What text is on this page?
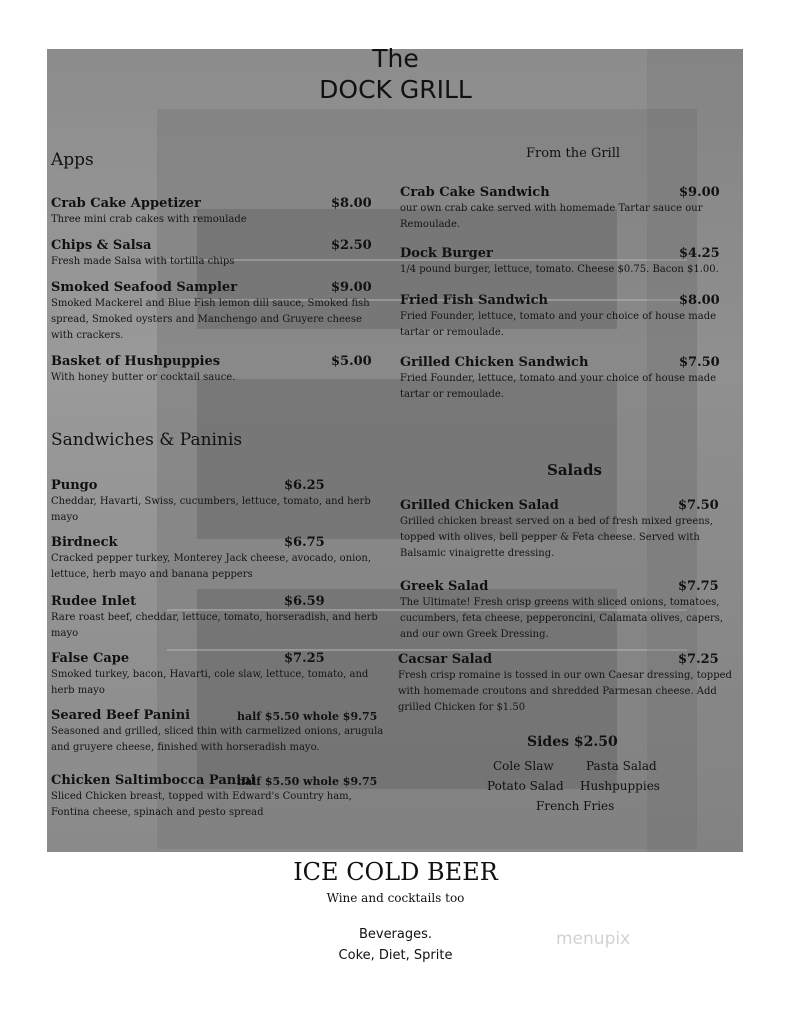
The
DOCK GRILL
Apps
Crab Cake Appetizer	$8.00
Three mini crab cakes with remoulade
Chips & Salsa	$2.50
Fresh made Salsa with tortilla chips
Smoked Seafood Sampler	$9.00
Smoked Mackerel and Blue Fish lemon dill sauce, Smoked fish spread, Smoked oysters and Manchengo and Gruyere cheese with crackers.
Basket of Hushpuppies	$5.00
With honey butter or cocktail sauce.
Sandwiches & Paninis
Pungo	$6.25
Cheddar, Havarti, Swiss, cucumbers, lettuce, tomato, and herb mayo
Birdneck	$6.75
Cracked pepper turkey, Monterey Jack cheese, avocado, onion, lettuce, herb mayo and banana peppers
Rudee Inlet	$6.59
Rare roast beef, cheddar, lettuce, tomato, horseradish, and herb mayo
False Cape	$7.25
Smoked turkey, bacon, Havarti, cole slaw, lettuce, tomato, and herb mayo
Seared Beef Panini	half $5.50 whole $9.75
Seasoned and grilled, sliced thin with carmelized onions, arugula and gruyere cheese, finished with horseradish mayo.
Chicken Saltimbocca Panini
half $5.50 whole $9.75
Sliced Chicken breast, topped with Edward's Country ham, Fontina cheese, spinach and pesto spread
From the Grill
Crab Cake Sandwich	$9.00
our own crab cake served with homemade Tartar sauce our Remoulade.
Dock Burger	$4.25
1/4 pound burger, lettuce, tomato. Cheese $0.75. Bacon $1.00.
Fried Fish Sandwich	$8.00
Fried Founder, lettuce, tomato and your choice of house made tartar or remoulade.
Grilled Chicken Sandwich	$7.50
Fried Founder, lettuce, tomato and your choice of house made tartar or remoulade.
Salads
Grilled Chicken Salad	$7.50
Grilled chicken breast served on a bed of fresh mixed greens, topped with olives, bell pepper & Feta cheese. Served with Balsamic vinaigrette dressing.
Greek Salad	$7.75
The Ultimate! Fresh crisp greens with sliced onions, tomatoes, cucumbers, feta cheese, pepperoncini, Calamata olives, capers, and our own Greek Dressing.
Cacsar Salad	$7.25
Fresh crisp romaine is tossed in our own Caesar dressing, topped with homemade croutons and shredded Parmesan cheese. Add grilled Chicken for $1.50
Sides $2.50
Cole Slaw	Pasta Salad
Potato Salad Hushpuppies
French Fries
ICE COLD BEER
Wine and cocktails too
Beverages.
Coke, Diet, Sprite
menupix
